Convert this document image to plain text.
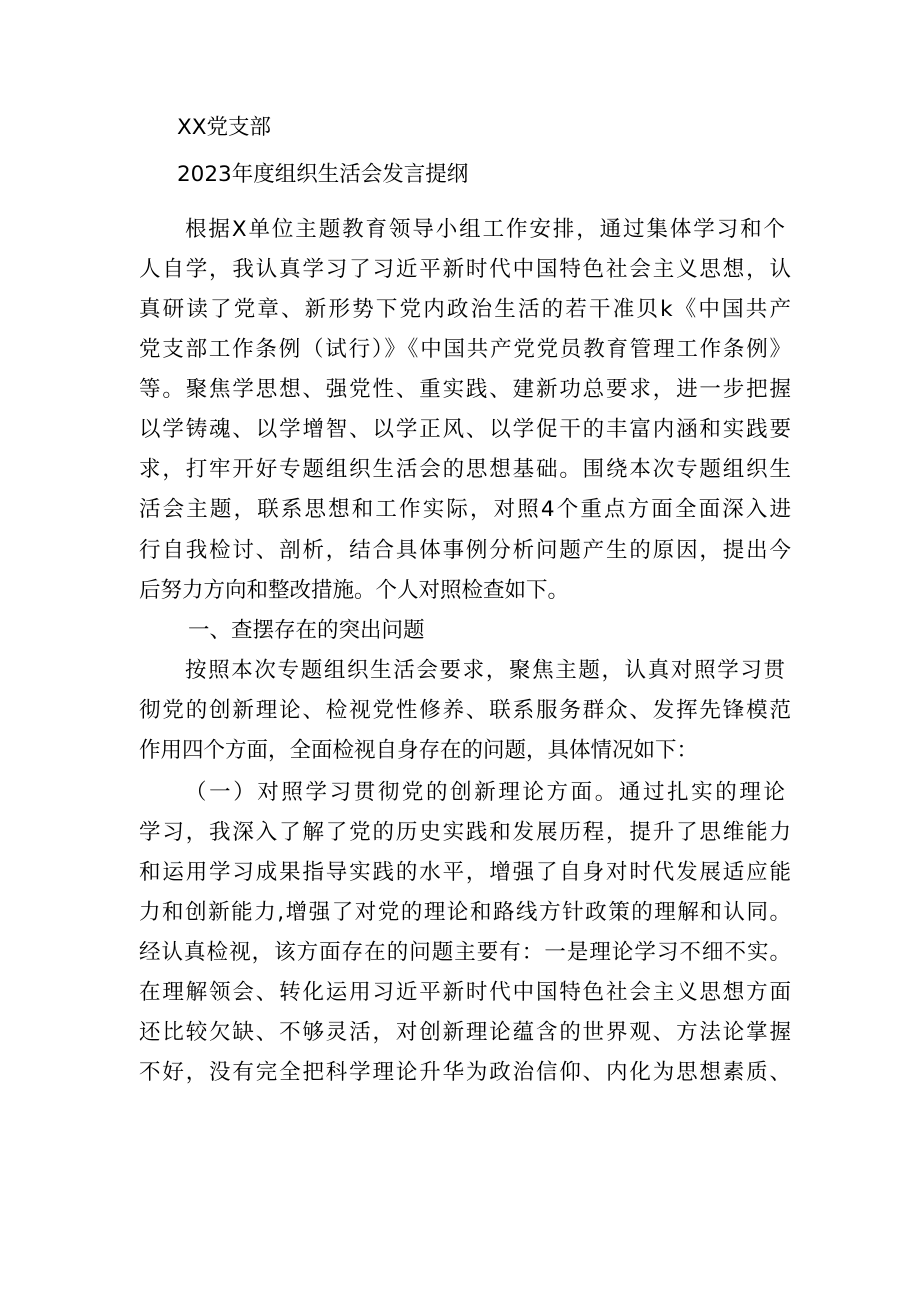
XX党支部
2023年度组织生活会发言提纲
根据X单位主题教育领导小组工作安排，通过集体学习和个
人自学，我认真学习了习近平新时代中国特色社会主义思想，认
真研读了党章、新形势下党内政治生活的若干准贝k《中国共产
党支部工作条例（试行）》《中国共产党党员教育管理工作条例》
等。聚焦学思想、强党性、重实践、建新功总要求，进一步把握
以学铸魂、以学增智、以学正风、以学促干的丰富内涵和实践要
求，打牢开好专题组织生活会的思想基础。围绕本次专题组织生
活会主题，联系思想和工作实际，对照4个重点方面全面深入进
行自我检讨、剖析，结合具体事例分析问题产生的原因，提出今
后努力方向和整改措施。个人对照检查如下。
一、查摆存在的突出问题
按照本次专题组织生活会要求，聚焦主题，认真对照学习贯
彻党的创新理论、检视党性修养、联系服务群众、发挥先锋模范
作用四个方面，全面检视自身存在的问题，具体情况如下：
（一）对照学习贯彻党的创新理论方面。通过扎实的理论
学习，我深入了解了党的历史实践和发展历程，提升了思维能力
和运用学习成果指导实践的水平，增强了自身对时代发展适应能
力和创新能力,增强了对党的理论和路线方针政策的理解和认同。
经认真检视，该方面存在的问题主要有：一是理论学习不细不实。
在理解领会、转化运用习近平新时代中国特色社会主义思想方面
还比较欠缺、不够灵活，对创新理论蕴含的世界观、方法论掌握
不好，没有完全把科学理论升华为政治信仰、内化为思想素质、
